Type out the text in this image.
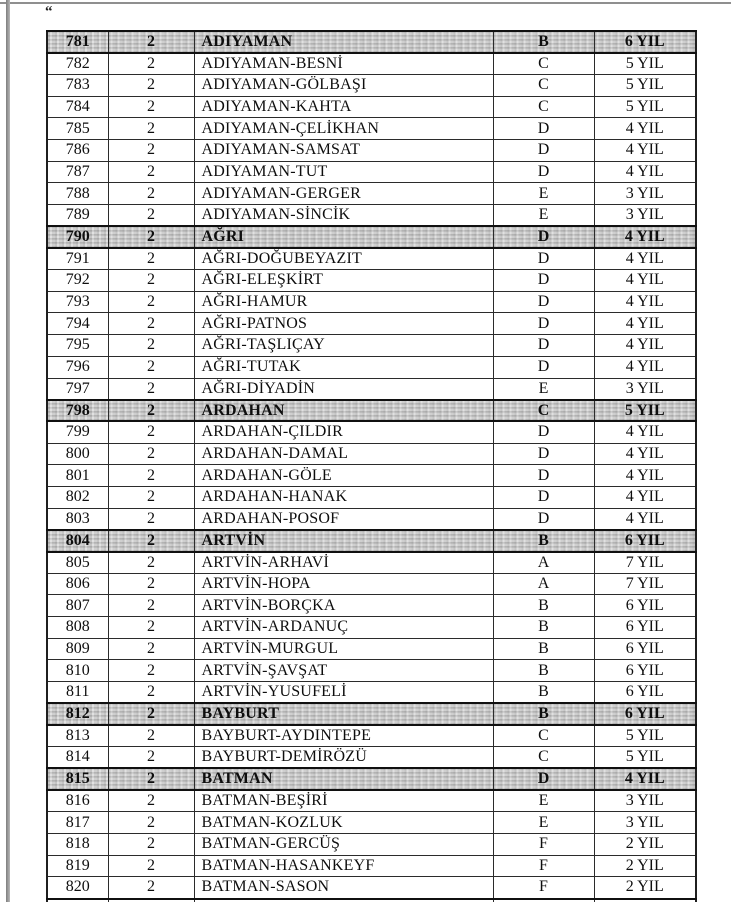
“
781	2	ADIYAMAN	B	6 YIL
782	2	ADIYAMAN-BESNİ	C	5 YIL
783	2	ADIYAMAN-GÖLBAŞI	C	5 YIL
784	2	ADIYAMAN-KAHTA	C	5 YIL
785	2	ADIYAMAN-ÇELİKHAN	D	4 YIL
786	2	ADIYAMAN-SAMSAT	D	4 YIL
787	2	ADIYAMAN-TUT	D	4 YIL
788	2	ADIYAMAN-GERGER	E	3 YIL
789	2	ADIYAMAN-SİNCİK	E	3 YIL
790	2	AĞRI	D	4 YIL
791	2	AĞRI-DOĞUBEYAZIT	D	4 YIL
792	2	AĞRI-ELEŞKİRT	D	4 YIL
793	2	AĞRI-HAMUR	D	4 YIL
794	2	AĞRI-PATNOS	D	4 YIL
795	2	AĞRI-TAŞLIÇAY	D	4 YIL
796	2	AĞRI-TUTAK	D	4 YIL
797	2	AĞRI-DİYADİN	E	3 YIL
798	2	ARDAHAN	C	5 YIL
799	2	ARDAHAN-ÇILDIR	D	4 YIL
800	2	ARDAHAN-DAMAL	D	4 YIL
801	2	ARDAHAN-GÖLE	D	4 YIL
802	2	ARDAHAN-HANAK	D	4 YIL
803	2	ARDAHAN-POSOF	D	4 YIL
804	2	ARTVİN	B	6 YIL
805	2	ARTVİN-ARHAVİ	A	7 YIL
806	2	ARTVİN-HOPA	A	7 YIL
807	2	ARTVİN-BORÇKA	B	6 YIL
808	2	ARTVİN-ARDANUÇ	B	6 YIL
809	2	ARTVİN-MURGUL	B	6 YIL
810	2	ARTVİN-ŞAVŞAT	B	6 YIL
811	2	ARTVİN-YUSUFELİ	B	6 YIL
812	2	BAYBURT	B	6 YIL
813	2	BAYBURT-AYDINTEPE	C	5 YIL
814	2	BAYBURT-DEMİRÖZÜ	C	5 YIL
815	2	BATMAN	D	4 YIL
816	2	BATMAN-BEŞİRİ	E	3 YIL
817	2	BATMAN-KOZLUK	E	3 YIL
818	2	BATMAN-GERCÜŞ	F	2 YIL
819	2	BATMAN-HASANKEYF	F	2 YIL
820	2	BATMAN-SASON	F	2 YIL
